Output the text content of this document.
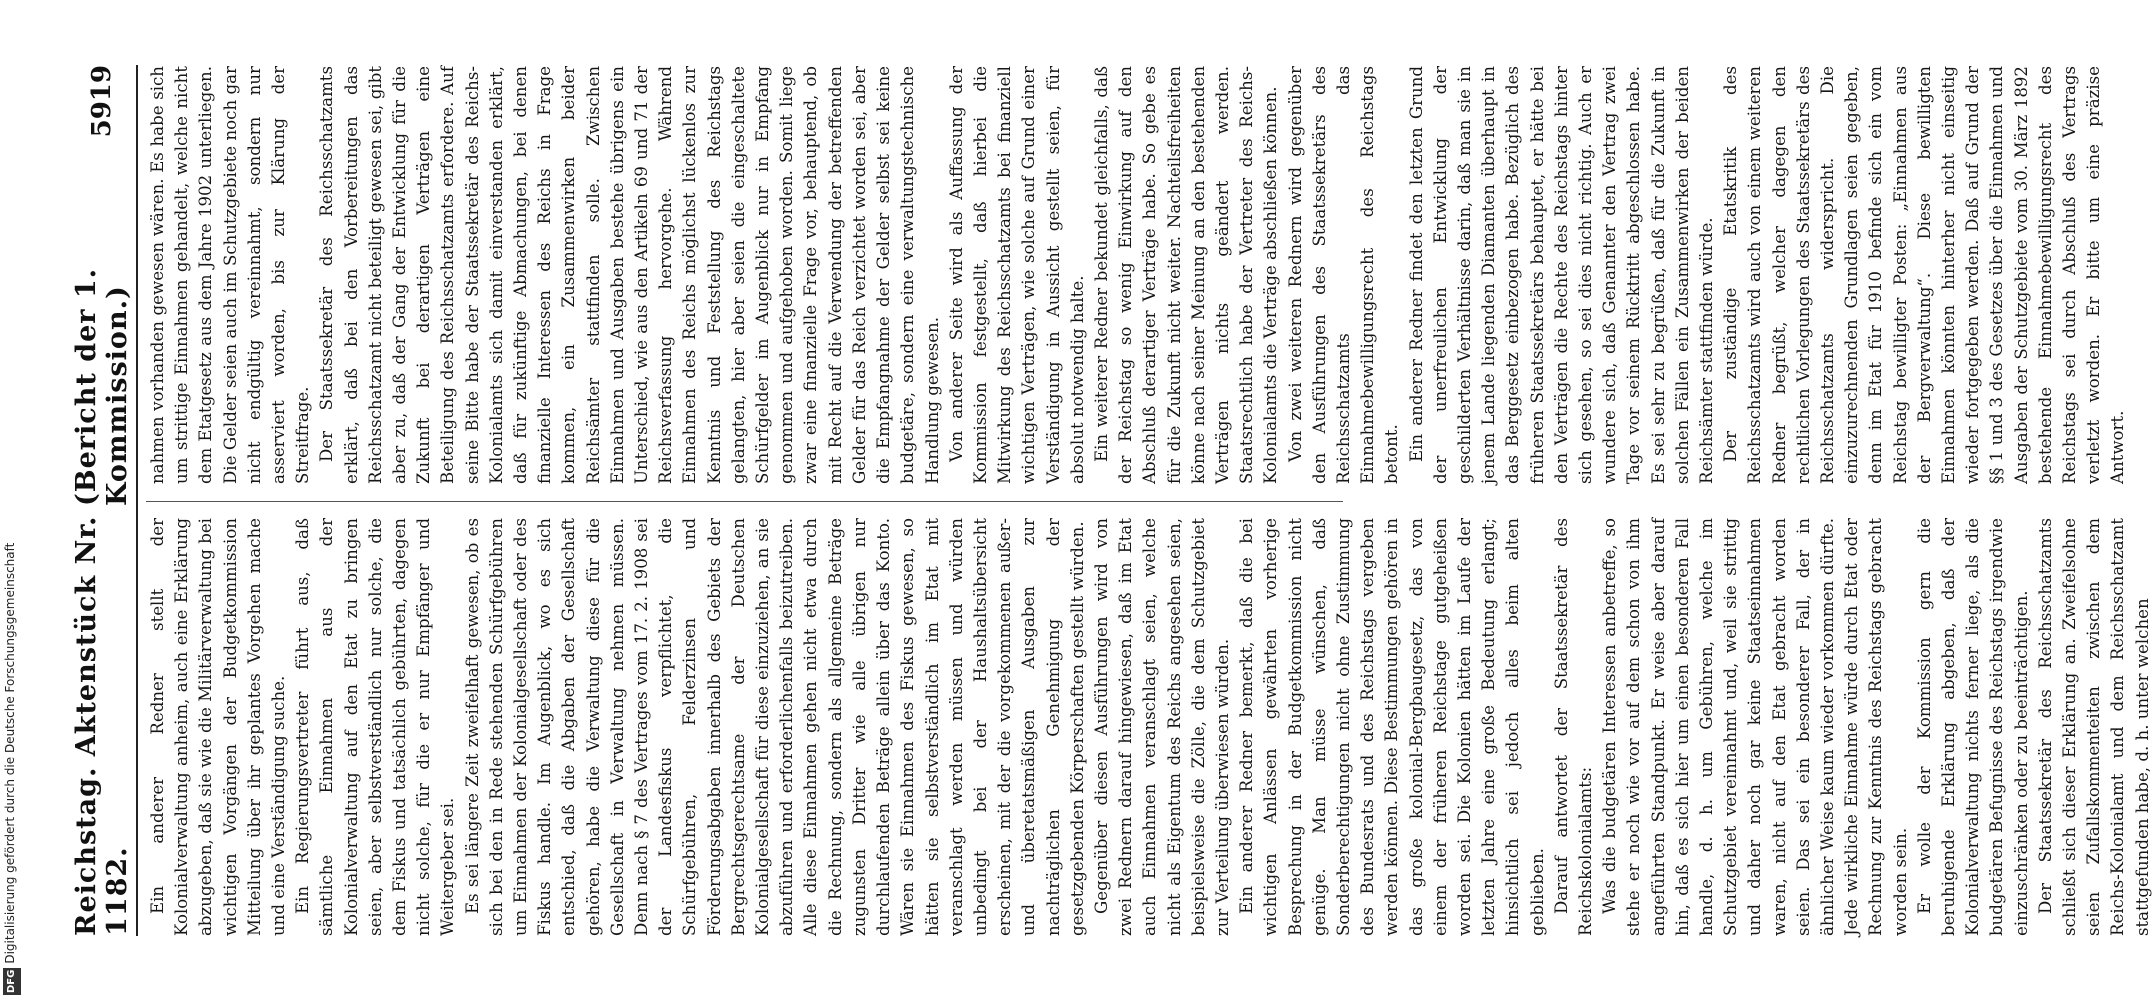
Reichstag. Aktenstück Nr. 1182.
(Bericht der 1. Kommission.)
5919

Ein anderer Redner stellt der Kolonialverwaltung anheim, auch eine Erklärung abzugeben, daß sie wie die Militärverwaltung bei wichtigen Vorgängen der Budgetkommission Mitteilung über ihr geplantes Vorgehen mache und eine Verständigung suche. Ein Regierungsvertreter führt aus, daß sämtliche Einnahmen aus der Kolonialverwaltung auf den Etat zu bringen seien, aber selbstverständlich nur solche, die dem Fiskus und tatsächlich gebührten, dagegen nicht solche, für die er nur Empfänger und Weitergeber sei. Es sei längere Zeit zweifelhaft gewesen, ob es sich bei den in Rede stehenden Schürfgebühren um Einnahmen der Kolonialgesellschaft oder des Fiskus handle. Im Augenblick, wo es sich entschied, daß die Abgaben der Gesellschaft gehören, habe die Verwaltung diese für die Gesellschaft in Verwaltung nehmen müssen. Denn nach § 7 des Vertrages vom 17. 2. 1908 sei der Landesfiskus verpflichtet, die Schürfgebühren, Felderzinsen und Förderungsabgaben innerhalb des Gebiets der Bergrechtsgerechtsame der Deutschen Kolonialgesellschaft für diese einzuziehen, an sie abzuführen und erforderlichenfalls beizutreiben. Alle diese Einnahmen gehen nicht etwa durch die Rechnung, sondern als allgemeine Beträge zugunsten Dritter wie alle übrigen nur durchlaufenden Beträge allein über das Konto. Wären sie Einnahmen des Fiskus gewesen, so hätten sie selbstverständlich im Etat mit veranschlagt werden müssen und würden unbedingt bei der Haushaltsübersicht erscheinen, mit der die vorgekommenen außer- und überetatsmäßigen Ausgaben zur nachträglichen Genehmigung der gesetzgebenden Körperschaften gestellt würden. Gegenüber diesen Ausführungen wird von zwei Rednern darauf hingewiesen, daß im Etat auch Einnahmen veranschlagt seien, welche nicht als Eigentum des Reichs angesehen seien, beispielsweise die Zölle, die dem Schutzgebiet zur Verteilung überwiesen würden. Ein anderer Redner bemerkt, daß die bei wichtigen Anlässen gewährten vorherige Besprechung in der Budgetkommission nicht genüge. Man müsse wünschen, daß Sonderberechtigungen nicht ohne Zustimmung des Bundesrats und des Reichstags vergeben werden können. Diese Bestimmungen gehören in das große kolonial-Bergbaugesetz, das von einem der früheren Reichstage gutgeheißen worden sei. Die Kolonien hätten im Laufe der letzten Jahre eine große Bedeutung erlangt; hinsichtlich sei jedoch alles beim alten geblieben. Darauf antwortet der Staatssekretär des Reichskolonialamts: Was die budgetären Interessen anbetreffe, so stehe er noch wie vor auf dem schon von ihm angeführten Standpunkt. Er weise aber darauf hin, daß es sich hier um einen besonderen Fall handle, d. h. um Gebühren, welche im Schutzgebiet vereinnahmt und, weil sie strittig und daher noch gar keine Staatseinnahmen waren, nicht auf den Etat gebracht worden seien. Das sei ein besonderer Fall, der in ähnlicher Weise kaum wieder vorkommen dürfte. Jede wirkliche Einnahme würde durch Etat oder Rechnung zur Kenntnis des Reichstags gebracht worden sein. Er wolle der Kommission gern die beruhigende Erklärung abgeben, daß der Kolonialverwaltung nichts ferner liege, als die budgetären Befugnisse des Reichstags irgendwie einzuschränken oder zu beeinträchtigen. Der Staatssekretär des Reichsschatzamts schließt sich dieser Erklärung an. Zweifelsohne seien Zufallskommenteiten zwischen dem Reichs-Kolonialamt und dem Reichsschatzamt stattgefunden habe, d. h. unter welchen

nahmen vorhanden gewesen wären. Es habe sich um strittige Einnahmen gehandelt, welche nicht dem Etatgesetz aus dem Jahre 1902 unterliegen. Die Gelder seien auch im Schutzgebiete noch gar nicht endgültig vereinnahmt, sondern nur asserviert worden, bis zur Klärung der Streitfrage. Der Staatssekretär des Reichsschatzamts erklärt, daß bei den Vorbereitungen das Reichsschatzamt nicht beteiligt gewesen sei, gibt aber zu, daß der Gang der Entwicklung für die Zukunft bei derartigen Verträgen eine Beteiligung des Reichsschatzamts erfordere. Auf seine Bitte habe der Staatssekretär des Reichs-Kolonialamts sich damit einverstanden erklärt, daß für zukünftige Abmachungen, bei denen finanzielle Interessen des Reichs in Frage kommen, ein Zusammenwirken beider Reichsämter stattfinden solle. Zwischen Einnahmen und Ausgaben bestehe übrigens ein Unterschied, wie aus den Artikeln 69 und 71 der Reichsverfassung hervorgehe. Während Einnahmen des Reichs möglichst lückenlos zur Kenntnis und Feststellung des Reichstags gelangten, hier aber seien die eingeschaltete Schürfgelder im Augenblick nur in Empfang genommen und aufgehoben worden. Somit liege zwar eine finanzielle Frage vor, behauptend, ob mit Recht auf die Verwendung der betreffenden Gelder für das Reich verzichtet worden sei, aber die Empfangnahme der Gelder selbst sei keine budgetäre, sondern eine verwaltungstechnische Handlung gewesen. Von anderer Seite wird als Auffassung der Kommission festgestellt, daß hierbei die Mitwirkung des Reichsschatzamts bei finanziell wichtigen Verträgen, wie solche auf Grund einer Verständigung in Aussicht gestellt seien, für absolut notwendig halte. Ein weiterer Redner bekundet gleichfalls, daß der Reichstag so wenig Einwirkung auf den Abschluß derartiger Verträge habe. So gebe es für die Zukunft nicht weiter. Nachteilsfreiheiten könne nach seiner Meinung an den bestehenden Verträgen nichts geändert werden. Staatsrechtlich habe der Vertreter des Reichs-Kolonialamts die Verträge abschließen können. Von zwei weiteren Rednern wird gegenüber den Ausführungen des Staatssekretärs des Reichsschatzamts das Einnahmebewilligungsrecht des Reichstags betont. Ein anderer Redner findet den letzten Grund der unerfreulichen Entwicklung der geschilderten Verhältnisse darin, daß man sie in jenem Lande liegenden Diamanten überhaupt in das Berggesetz einbezogen habe. Bezüglich des früheren Staatssekretärs behauptet, er hätte bei den Verträgen die Rechte des Reichstags hinter sich gesehen, so sei dies nicht richtig. Auch er wundere sich, daß Genannter den Vertrag zwei Tage vor seinem Rücktritt abgeschlossen habe. Es sei sehr zu begrüßen, daß für die Zukunft in solchen Fällen ein Zusammenwirken der beiden Reichsämter stattfinden würde. Der zuständige Etatskritik des Reichsschatzamts wird auch von einem weiteren Redner begrüßt, welcher dagegen den rechtlichen Vorlegungen des Staatssekretärs des Reichsschatzamts widerspricht. Die einzuzurechnenden Grundlagen seien gegeben, denn im Etat für 1910 befinde sich ein vom Reichstag bewilligter Posten: „Einnahmen aus der Bergverwaltung“. Diese bewilligten Einnahmen könnten hinterher nicht einseitig wieder fortgegeben werden. Daß auf Grund der §§ 1 und 3 des Gesetzes über die Einnahmen und Ausgaben der Schutzgebiete vom 30. März 1892 bestehende Einnahmebewilligungsrecht des Reichstags sei durch Abschluß des Vertrags verletzt worden. Er bitte um eine präzise Antwort.

DFGDigitalisierung gefördert durch die Deutsche Forschungsgemeinschaft
